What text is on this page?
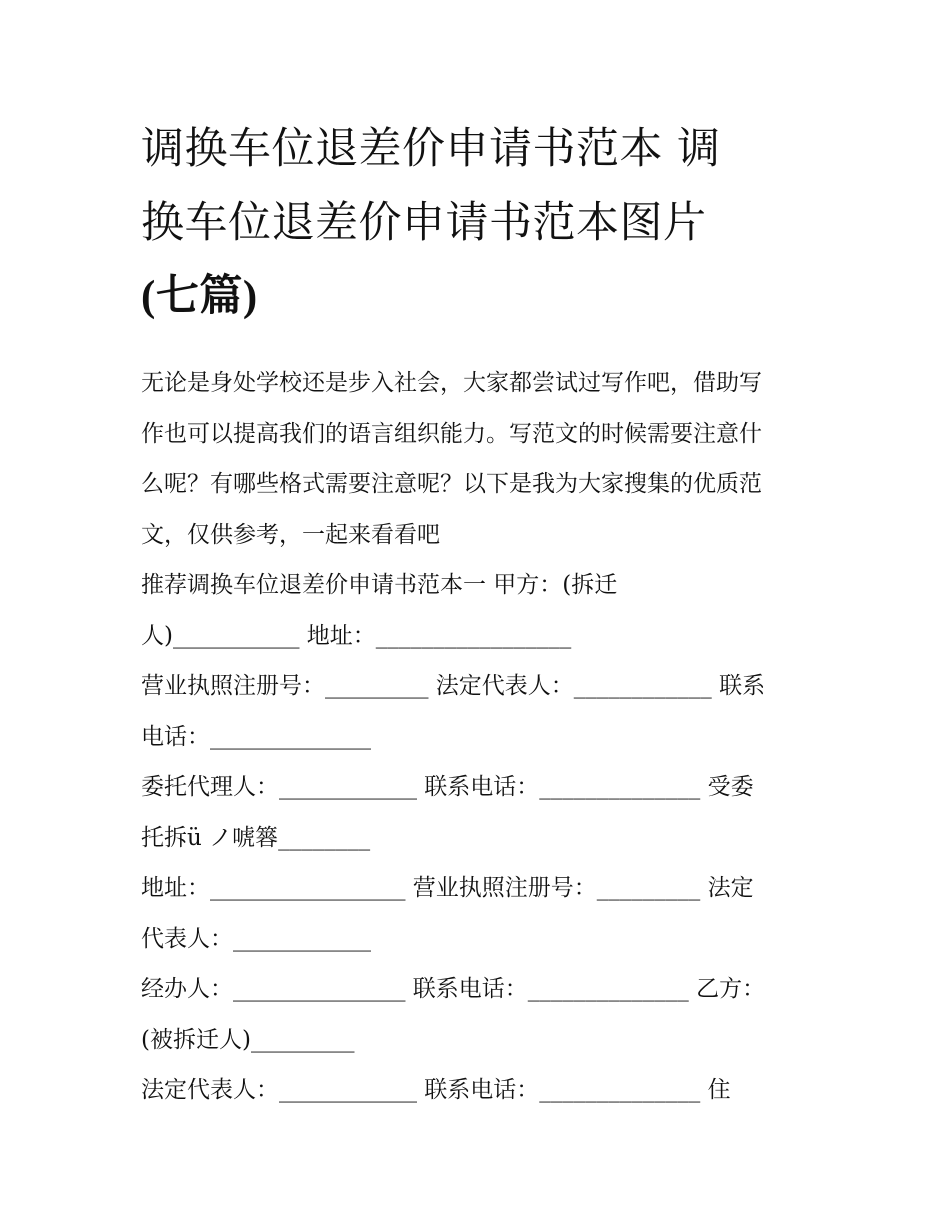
调换车位退差价申请书范本 调
换车位退差价申请书范本图片
(七篇)
无论是身处学校还是步入社会，大家都尝试过写作吧，借助写
作也可以提高我们的语言组织能力。写范文的时候需要注意什
么呢？有哪些格式需要注意呢？以下是我为大家搜集的优质范
文，仅供参考，一起来看看吧
推荐调换车位退差价申请书范本一 甲方：(拆迁
人)___________ 地址：_________________
营业执照注册号：_________ 法定代表人：____________ 联系
电话：______________
委托代理人：____________ 联系电话：______________ 受委
托拆ü ノ唬簭________
地址：_________________ 营业执照注册号：_________ 法定
代表人：____________
经办人：_______________ 联系电话：______________ 乙方：
(被拆迁人)_________
法定代表人：____________ 联系电话：______________ 住
